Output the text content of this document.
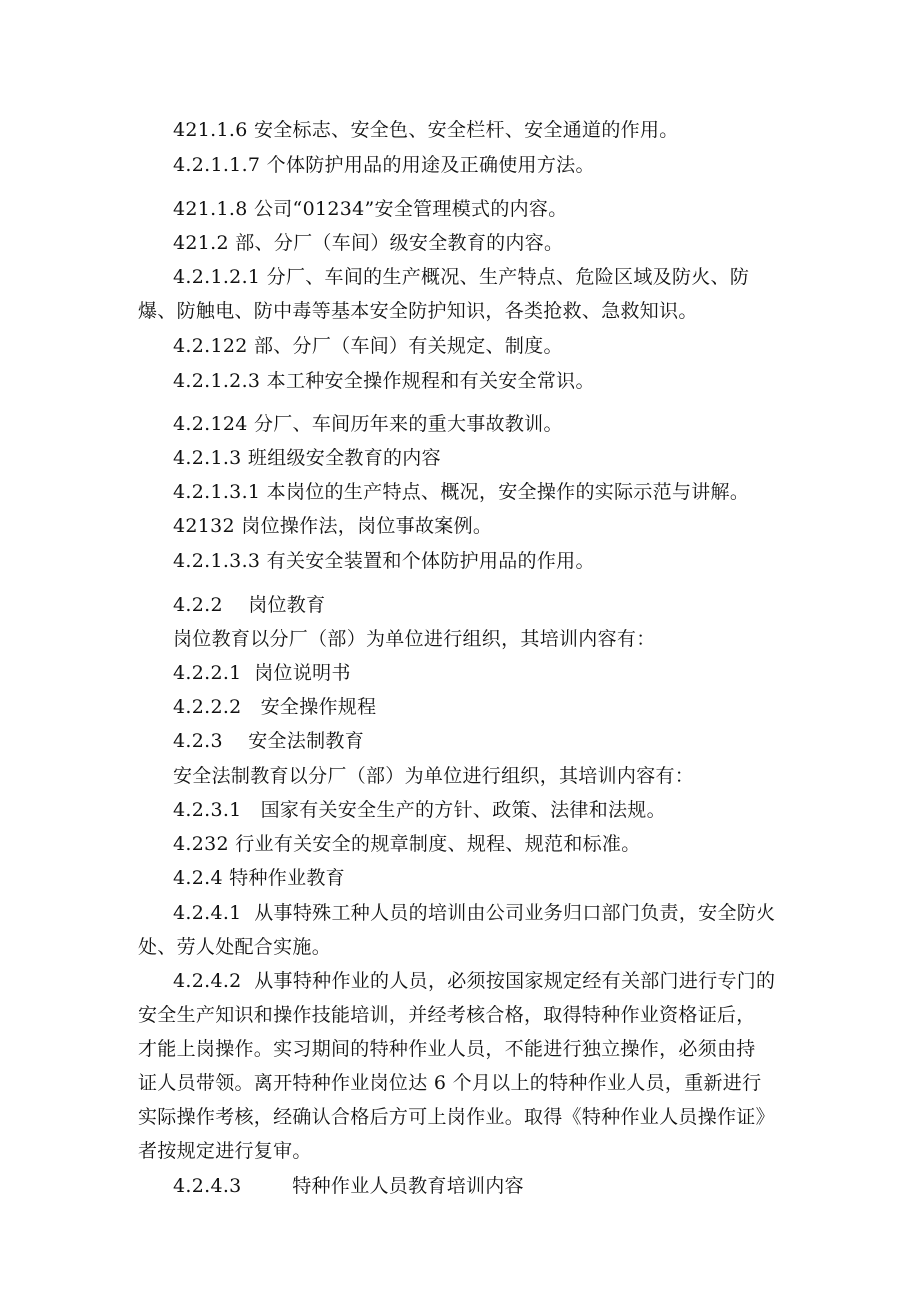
421.1.6 安全标志、安全色、安全栏杆、安全通道的作用。
4.2.1.1.7 个体防护用品的用途及正确使用方法。
421.1.8 公司“01234”安全管理模式的内容。
421.2 部、分厂（车间）级安全教育的内容。
4.2.1.2.1 分厂、车间的生产概况、生产特点、危险区域及防火、防
爆、防触电、防中毒等基本安全防护知识，各类抢救、急救知识。
4.2.122 部、分厂（车间）有关规定、制度。
4.2.1.2.3 本工种安全操作规程和有关安全常识。
4.2.124 分厂、车间历年来的重大事故教训。
4.2.1.3 班组级安全教育的内容
4.2.1.3.1 本岗位的生产特点、概况，安全操作的实际示范与讲解。
42132 岗位操作法，岗位事故案例。
4.2.1.3.3 有关安全装置和个体防护用品的作用。
4.2.2    岗位教育
岗位教育以分厂（部）为单位进行组织，其培训内容有：
4.2.2.1  岗位说明书
4.2.2.2   安全操作规程
4.2.3    安全法制教育
安全法制教育以分厂（部）为单位进行组织，其培训内容有：
4.2.3.1   国家有关安全生产的方针、政策、法律和法规。
4.232 行业有关安全的规章制度、规程、规范和标准。
4.2.4 特种作业教育
4.2.4.1  从事特殊工种人员的培训由公司业务归口部门负责，安全防火
处、劳人处配合实施。
4.2.4.2  从事特种作业的人员，必须按国家规定经有关部门进行专门的
安全生产知识和操作技能培训，并经考核合格，取得特种作业资格证后，
才能上岗操作。实习期间的特种作业人员，不能进行独立操作，必须由持
证人员带领。离开特种作业岗位达 6 个月以上的特种作业人员，重新进行
实际操作考核，经确认合格后方可上岗作业。取得《特种作业人员操作证》
者按规定进行复审。
4.2.4.3        特种作业人员教育培训内容
